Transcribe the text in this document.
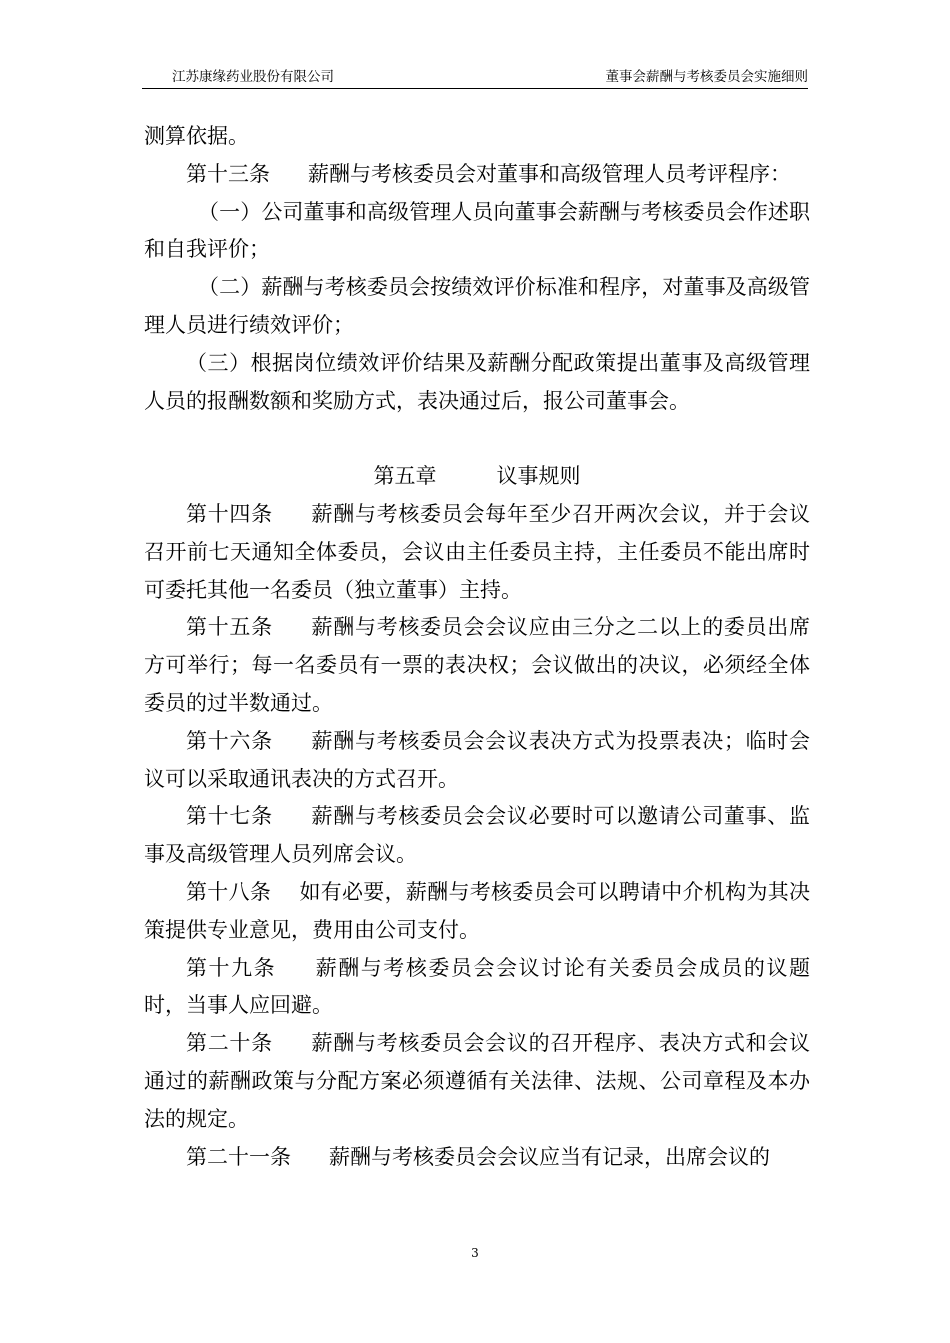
江苏康缘药业股份有限公司	董事会薪酬与考核委员会实施细则

测算依据。

第十三条 薪酬与考核委员会对董事和高级管理人员考评程序：

（一）公司董事和高级管理人员向董事会薪酬与考核委员会作述职和自我评价；

（二）薪酬与考核委员会按绩效评价标准和程序，对董事及高级管理人员进行绩效评价；

（三）根据岗位绩效评价结果及薪酬分配政策提出董事及高级管理人员的报酬数额和奖励方式，表决通过后，报公司董事会。

第五章	议事规则

第十四条 薪酬与考核委员会每年至少召开两次会议，并于会议召开前七天通知全体委员，会议由主任委员主持，主任委员不能出席时可委托其他一名委员（独立董事）主持。

第十五条 薪酬与考核委员会会议应由三分之二以上的委员出席方可举行；每一名委员有一票的表决权；会议做出的决议，必须经全体委员的过半数通过。

第十六条 薪酬与考核委员会会议表决方式为投票表决；临时会议可以采取通讯表决的方式召开。

第十七条 薪酬与考核委员会会议必要时可以邀请公司董事、监事及高级管理人员列席会议。

第十八条 如有必要，薪酬与考核委员会可以聘请中介机构为其决策提供专业意见，费用由公司支付。

第十九条 薪酬与考核委员会会议讨论有关委员会成员的议题时，当事人应回避。

第二十条 薪酬与考核委员会会议的召开程序、表决方式和会议通过的薪酬政策与分配方案必须遵循有关法律、法规、公司章程及本办法的规定。

第二十一条 薪酬与考核委员会会议应当有记录，出席会议的

3
